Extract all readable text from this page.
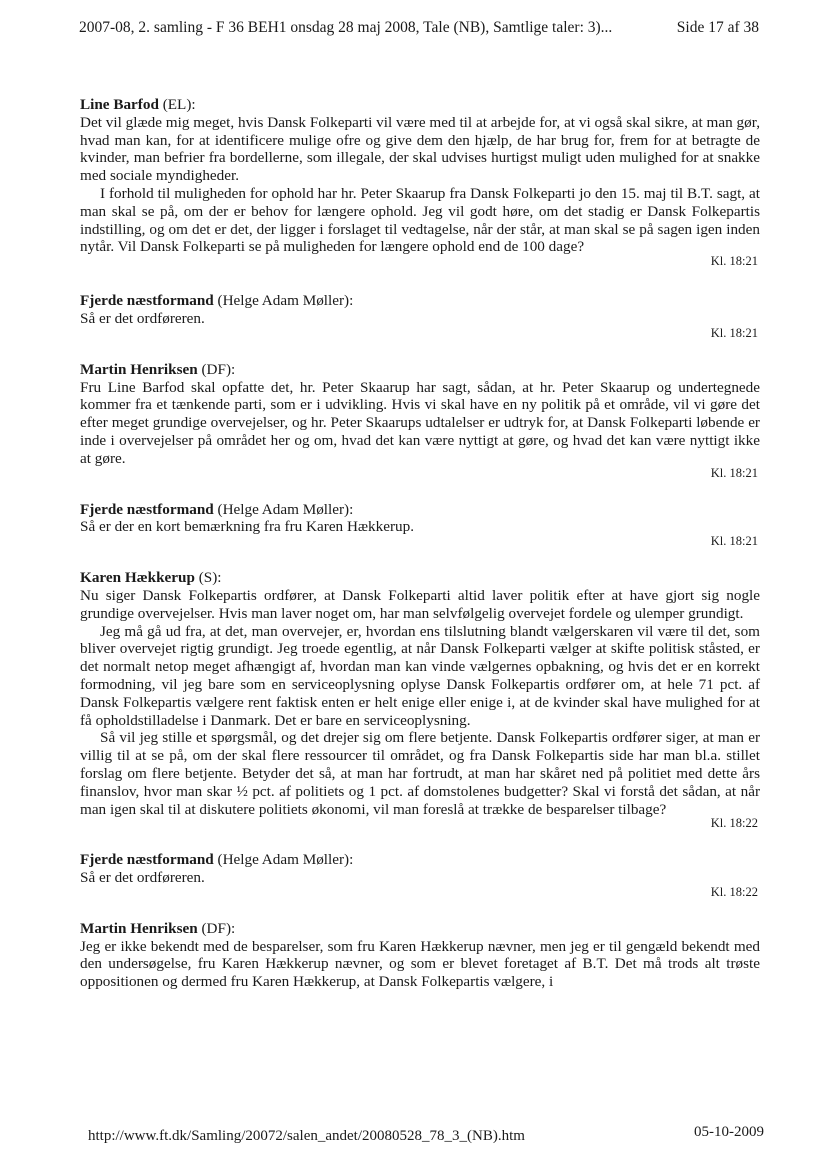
2007-08, 2. samling - F 36 BEH1 onsdag 28 maj 2008, Tale (NB), Samtlige taler: 3)...	Side 17 af 38

Line Barfod (EL):

Det vil glæde mig meget, hvis Dansk Folkeparti vil være med til at arbejde for, at vi også skal sikre, at man gør, hvad man kan, for at identificere mulige ofre og give dem den hjælp, de har brug for, frem for at betragte de kvinder, man befrier fra bordellerne, som illegale, der skal udvises hurtigst muligt uden mulighed for at snakke med sociale myndigheder.

I forhold til muligheden for ophold har hr. Peter Skaarup fra Dansk Folkeparti jo den 15. maj til B.T. sagt, at man skal se på, om der er behov for længere ophold. Jeg vil godt høre, om det stadig er Dansk Folkepartis indstilling, og om det er det, der ligger i forslaget til vedtagelse, når der står, at man skal se på sagen igen inden nytår. Vil Dansk Folkeparti se på muligheden for længere ophold end de 100 dage?

Kl. 18:21

Fjerde næstformand (Helge Adam Møller):

Så er det ordføreren.

Kl. 18:21

Martin Henriksen (DF):

Fru Line Barfod skal opfatte det, hr. Peter Skaarup har sagt, sådan, at hr. Peter Skaarup og undertegnede kommer fra et tænkende parti, som er i udvikling. Hvis vi skal have en ny politik på et område, vil vi gøre det efter meget grundige overvejelser, og hr. Peter Skaarups udtalelser er udtryk for, at Dansk Folkeparti løbende er inde i overvejelser på området her og om, hvad det kan være nyttigt at gøre, og hvad det kan være nyttigt ikke at gøre.

Kl. 18:21

Fjerde næstformand (Helge Adam Møller):

Så er der en kort bemærkning fra fru Karen Hækkerup.

Kl. 18:21

Karen Hækkerup (S):

Nu siger Dansk Folkepartis ordfører, at Dansk Folkeparti altid laver politik efter at have gjort sig nogle grundige overvejelser. Hvis man laver noget om, har man selvfølgelig overvejet fordele og ulemper grundigt.

Jeg må gå ud fra, at det, man overvejer, er, hvordan ens tilslutning blandt vælgerskaren vil være til det, som bliver overvejet rigtig grundigt. Jeg troede egentlig, at når Dansk Folkeparti vælger at skifte politisk ståsted, er det normalt netop meget afhængigt af, hvordan man kan vinde vælgernes opbakning, og hvis det er en korrekt formodning, vil jeg bare som en serviceoplysning oplyse Dansk Folkepartis ordfører om, at hele 71 pct. af Dansk Folkepartis vælgere rent faktisk enten er helt enige eller enige i, at de kvinder skal have mulighed for at få opholdstilladelse i Danmark. Det er bare en serviceoplysning.

Så vil jeg stille et spørgsmål, og det drejer sig om flere betjente. Dansk Folkepartis ordfører siger, at man er villig til at se på, om der skal flere ressourcer til området, og fra Dansk Folkepartis side har man bl.a. stillet forslag om flere betjente. Betyder det så, at man har fortrudt, at man har skåret ned på politiet med dette års finanslov, hvor man skar ½ pct. af politiets og 1 pct. af domstolenes budgetter? Skal vi forstå det sådan, at når man igen skal til at diskutere politiets økonomi, vil man foreslå at trække de besparelser tilbage?

Kl. 18:22

Fjerde næstformand (Helge Adam Møller):

Så er det ordføreren.

Kl. 18:22

Martin Henriksen (DF):

Jeg er ikke bekendt med de besparelser, som fru Karen Hækkerup nævner, men jeg er til gengæld bekendt med den undersøgelse, fru Karen Hækkerup nævner, og som er blevet foretaget af B.T. Det må trods alt trøste oppositionen og dermed fru Karen Hækkerup, at Dansk Folkepartis vælgere, i

http://www.ft.dk/Samling/20072/salen_andet/20080528_78_3_(NB).htm	05-10-2009
